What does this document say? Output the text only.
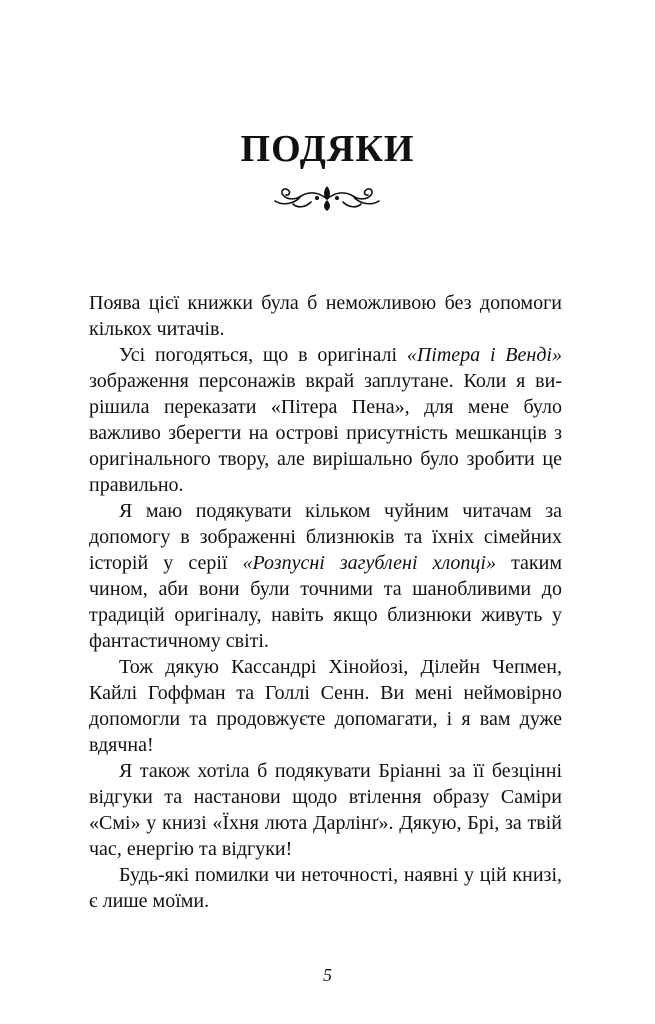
ПОДЯКИ

Поява цієї книжки була б неможливою без допомоги кількох читачів.

Усі погодяться, що в оригіналі «Пітера і Венді» зображення персонажів вкрай заплутане. Коли я вирішила переказати «Пітера Пена», для мене було важливо зберегти на острові присутність мешканців з оригінального твору, але вирішально було зробити це правильно.

Я маю подякувати кільком чуйним читачам за допомогу в зображенні близнюків та їхніх сімейних історій у серії «Розпусні загублені хлопці» таким чином, аби вони були точними та шанобливими до традицій оригіналу, навіть якщо близнюки живуть у фантастичному світі.

Тож дякую Кассандрі Хінойозі, Ділейн Чепмен, Кайлі Гоффман та Голлі Сенн. Ви мені неймовірно допомогли та продовжуєте допомагати, і я вам дуже вдячна!

Я також хотіла б подякувати Бріанні за її безцінні відгуки та настанови щодо втілення образу Саміри «Смі» у книзі «Їхня люта Дарлінґ». Дякую, Брі, за твій час, енергію та відгуки!

Будь-які помилки чи неточності, наявні у цій книзі, є лише моїми.

5
